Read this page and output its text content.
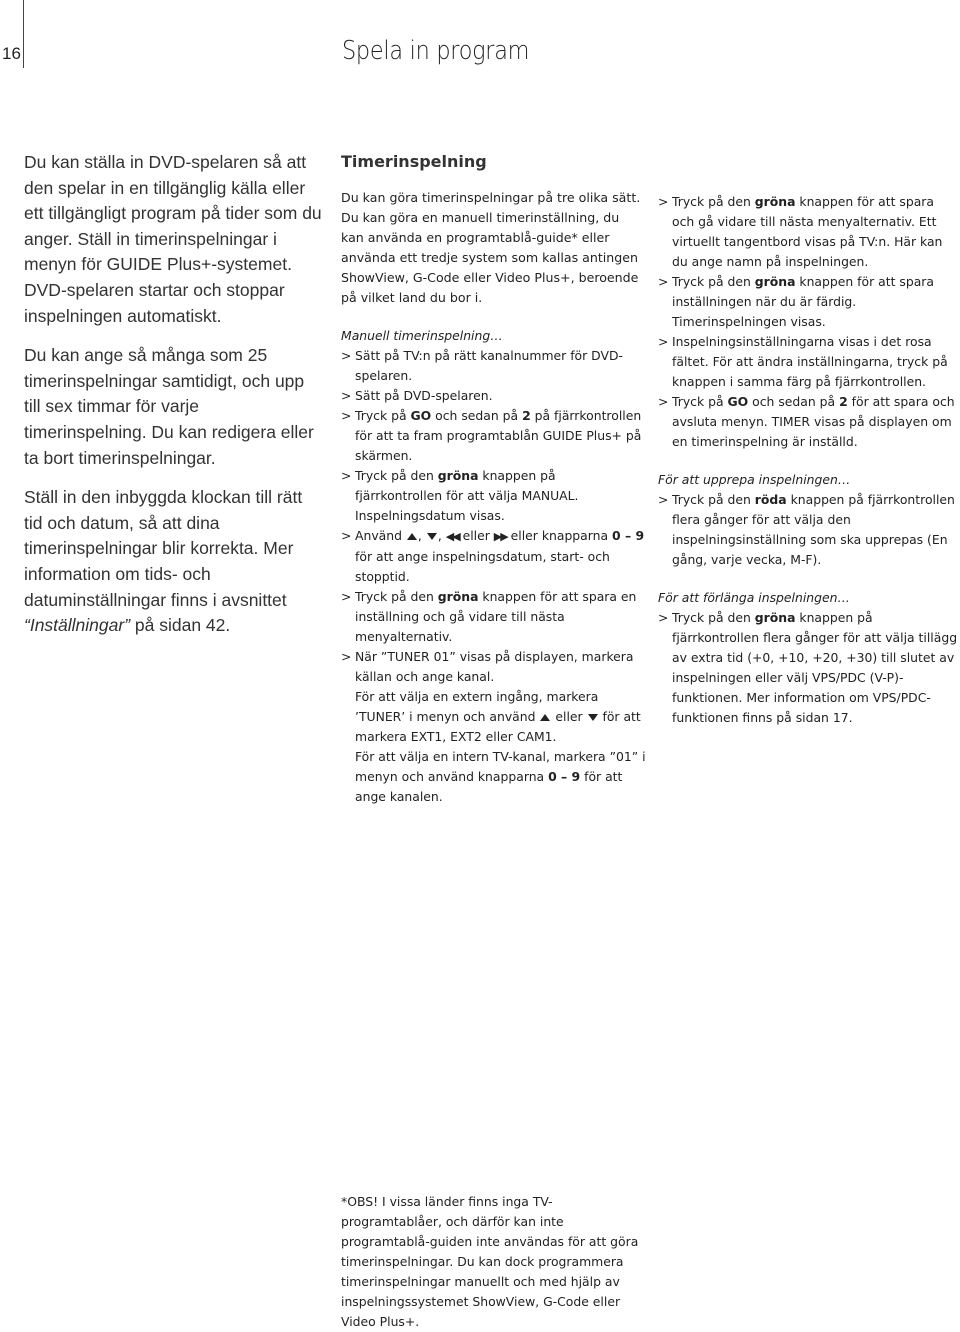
16	Spela in program

Du kan ställa in DVD-spelaren så att den spelar in en tillgänglig källa eller ett tillgängligt program på tider som du anger. Ställ in timerinspelningar i menyn för GUIDE Plus+-systemet. DVD-spelaren startar och stoppar inspelningen automatiskt.

Du kan ange så många som 25 timerinspelningar samtidigt, och upp till sex timmar för varje timerinspelning. Du kan redigera eller ta bort timerinspelningar.

Ställ in den inbyggda klockan till rätt tid och datum, så att dina timerinspelningar blir korrekta. Mer information om tids- och datuminställningar finns i avsnittet “Inställningar” på sidan 42.

Timerinspelning

Du kan göra timerinspelningar på tre olika sätt. Du kan göra en manuell timerinställning, du kan använda en programtablå-guide* eller använda ett tredje system som kallas antingen ShowView, G-Code eller Video Plus+, beroende på vilket land du bor i.

Manuell timerinspelning…

> Sätt på TV:n på rätt kanalnummer för DVD-spelaren.
> Sätt på DVD-spelaren.
> Tryck på GO och sedan på 2 på fjärrkontrollen för att ta fram programtablån GUIDE Plus+ på skärmen.
> Tryck på den gröna knappen på fjärrkontrollen för att välja MANUAL. Inspelningsdatum visas.
> Använd , , ◀◀ eller ▶▶ eller knapparna 0 – 9 för att ange inspelningsdatum, start- och stopptid.
> Tryck på den gröna knappen för att spara en inställning och gå vidare till nästa menyalternativ.
> När ”TUNER 01” visas på displayen, markera källan och ange kanal.

För att välja en extern ingång, markera ’TUNER’ i menyn och använd  eller  för att markera EXT1, EXT2 eller CAM1.

För att välja en intern TV-kanal, markera ”01” i menyn och använd knapparna 0 – 9 för att ange kanalen.

> Tryck på den gröna knappen för att spara och gå vidare till nästa menyalternativ. Ett virtuellt tangentbord visas på TV:n. Här kan du ange namn på inspelningen.
> Tryck på den gröna knappen för att spara inställningen när du är färdig. Timerinspelningen visas.
> Inspelningsinställningarna visas i det rosa fältet. För att ändra inställningarna, tryck på knappen i samma färg på fjärrkontrollen.
> Tryck på GO och sedan på 2 för att spara och avsluta menyn. TIMER visas på displayen om en timerinspelning är inställd.

För att upprepa inspelningen…

> Tryck på den röda knappen på fjärrkontrollen flera gånger för att välja den inspelningsinställning som ska upprepas (En gång, varje vecka, M-F).

För att förlänga inspelningen…

> Tryck på den gröna knappen på fjärrkontrollen flera gånger för att välja tillägg av extra tid (+0, +10, +20, +30) till slutet av inspelningen eller välj VPS/PDC (V-P)-funktionen. Mer information om VPS/PDC-funktionen finns på sidan 17.
*OBS! I vissa länder finns inga TV-programtablåer, och därför kan inte programtablå-guiden inte användas för att göra timerinspelningar. Du kan dock programmera timerinspelningar manuellt och med hjälp av inspelningssystemet ShowView, G-Code eller Video Plus+.
